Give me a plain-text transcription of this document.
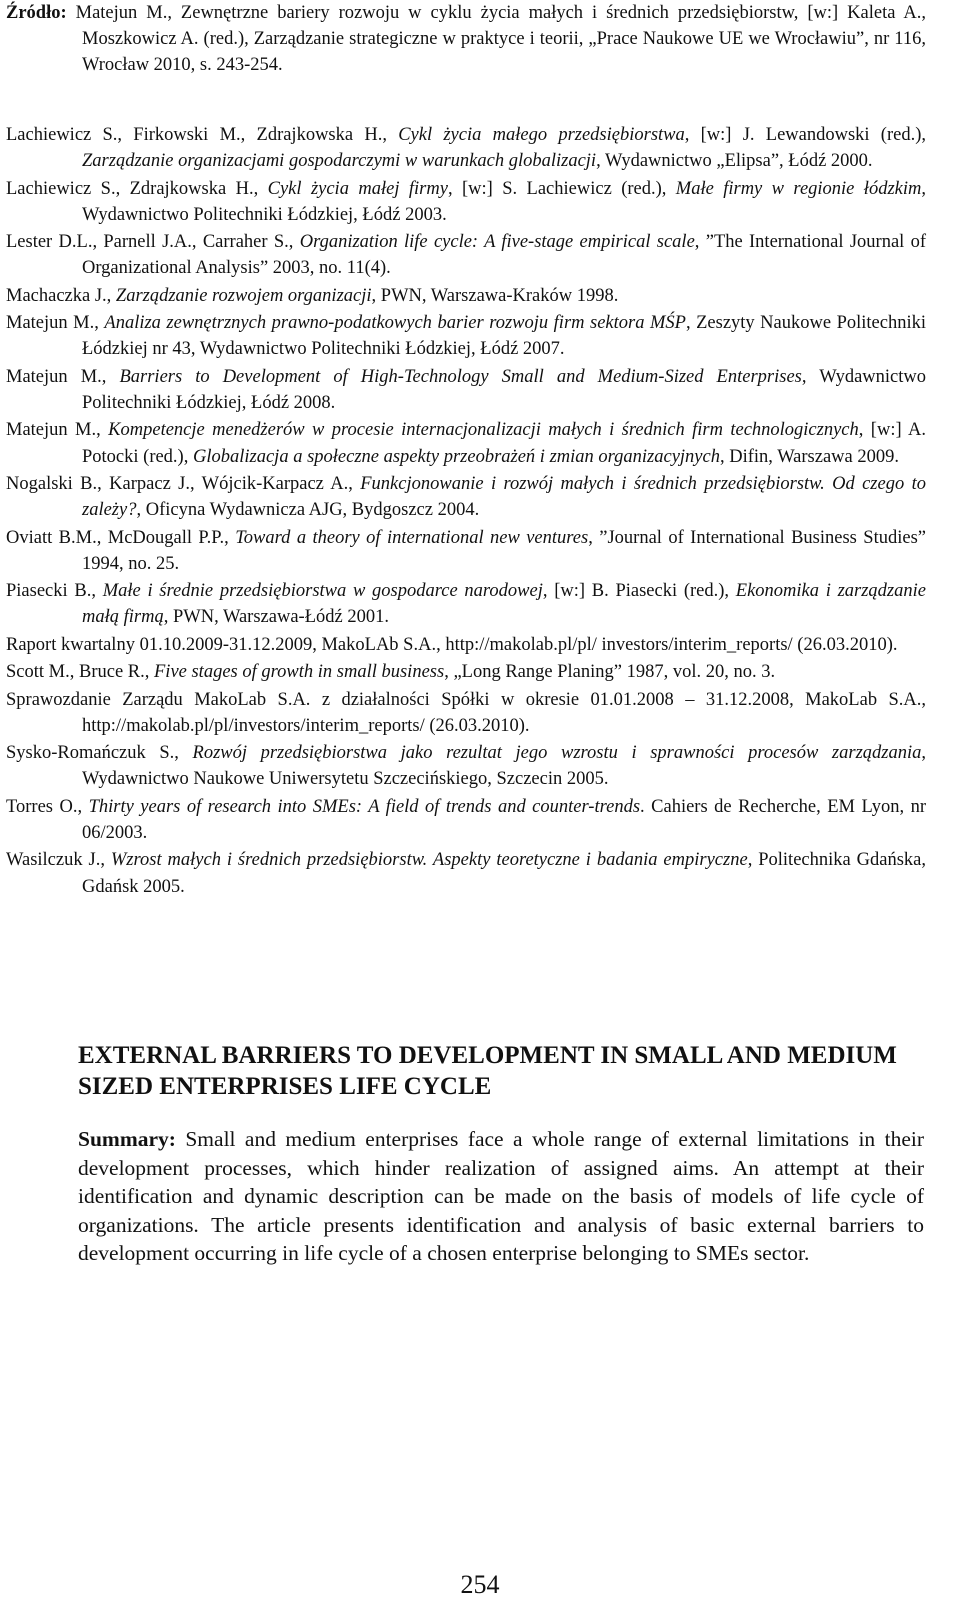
Źródło: Matejun M., Zewnętrzne bariery rozwoju w cyklu życia małych i średnich przedsiębiorstw, [w:] Kaleta A., Moszkowicz A. (red.), Zarządzanie strategiczne w praktyce i teorii, „Prace Naukowe UE we Wrocławiu”, nr 116, Wrocław 2010, s. 243-254.
Lachiewicz S., Firkowski M., Zdrajkowska H., Cykl życia małego przedsiębiorstwa, [w:] J. Lewandowski (red.), Zarządzanie organizacjami gospodarczymi w warunkach globalizacji, Wydawnictwo „Elipsa”, Łódź 2000.
Lachiewicz S., Zdrajkowska H., Cykl życia małej firmy, [w:] S. Lachiewicz (red.), Małe firmy w regionie łódzkim, Wydawnictwo Politechniki Łódzkiej, Łódź 2003.
Lester D.L., Parnell J.A., Carraher S., Organization life cycle: A five-stage empirical scale, ”The International Journal of Organizational Analysis” 2003, no. 11(4).
Machaczka J., Zarządzanie rozwojem organizacji, PWN, Warszawa-Kraków 1998.
Matejun M., Analiza zewnętrznych prawno-podatkowych barier rozwoju firm sektora MŚP, Zeszyty Naukowe Politechniki Łódzkiej nr 43, Wydawnictwo Politechniki Łódzkiej, Łódź 2007.
Matejun M., Barriers to Development of High-Technology Small and Medium-Sized Enterprises, Wydawnictwo Politechniki Łódzkiej, Łódź 2008.
Matejun M., Kompetencje menedżerów w procesie internacjonalizacji małych i średnich firm technologicznych, [w:] A. Potocki (red.), Globalizacja a społeczne aspekty przeobrażeń i zmian organizacyjnych, Difin, Warszawa 2009.
Nogalski B., Karpacz J., Wójcik-Karpacz A., Funkcjonowanie i rozwój małych i średnich przedsiębiorstw. Od czego to zależy?, Oficyna Wydawnicza AJG, Bydgoszcz 2004.
Oviatt B.M., McDougall P.P., Toward a theory of international new ventures, ”Journal of International Business Studies” 1994, no. 25.
Piasecki B., Małe i średnie przedsiębiorstwa w gospodarce narodowej, [w:] B. Piasecki (red.), Ekonomika i zarządzanie małą firmą, PWN, Warszawa-Łódź 2001.
Raport kwartalny 01.10.2009-31.12.2009, MakoLAb S.A., http://makolab.pl/pl/ investors/interim_reports/ (26.03.2010).
Scott M., Bruce R., Five stages of growth in small business, „Long Range Planing” 1987, vol. 20, no. 3.
Sprawozdanie Zarządu MakoLab S.A. z działalności Spółki w okresie 01.01.2008 – 31.12.2008, MakoLab S.A., http://makolab.pl/pl/investors/interim_reports/ (26.03.2010).
Sysko-Romańczuk S., Rozwój przedsiębiorstwa jako rezultat jego wzrostu i sprawności procesów zarządzania, Wydawnictwo Naukowe Uniwersytetu Szczecińskiego, Szczecin 2005.
Torres O., Thirty years of research into SMEs: A field of trends and counter-trends. Cahiers de Recherche, EM Lyon, nr 06/2003.
Wasilczuk J., Wzrost małych i średnich przedsiębiorstw. Aspekty teoretyczne i badania empiryczne, Politechnika Gdańska, Gdańsk 2005.
EXTERNAL BARRIERS TO DEVELOPMENT IN SMALL AND MEDIUM SIZED ENTERPRISES LIFE CYCLE

Summary: Small and medium enterprises face a whole range of external limitations in their development processes, which hinder realization of assigned aims. An attempt at their identification and dynamic description can be made on the basis of models of life cycle of organizations. The article presents identification and analysis of basic external barriers to development occurring in life cycle of a chosen enterprise belonging to SMEs sector.

254
